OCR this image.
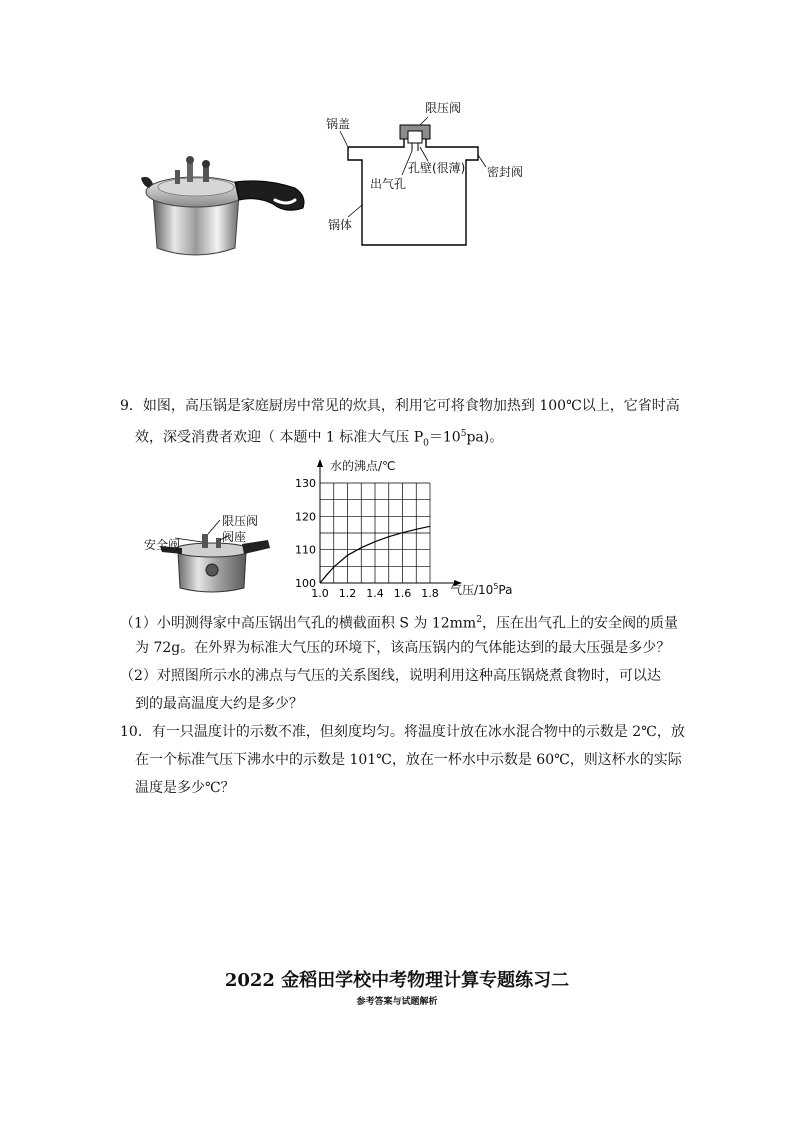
限压阀
锅盖
孔壁(很薄) 密封阀
出气孔
锅体
9．如图，高压锅是家庭厨房中常见的炊具，利用它可将食物加热到 100℃以上，它省时高
效，深受消费者欢迎（ 本题中 1 标准大气压 $P_0=10^5pa$)。
安全阀
限压阀
阀座
1.0 1.2 1.4 1.6 1.8
100
110
120
130
水的沸点/℃
气压$/10^5Pa$
（1）小明测得家中高压锅出气孔的横截面积 S 为 $12mm^2$，压在出气孔上的安全阀的质量
为 72g。在外界为标准大气压的环境下，该高压锅内的气体能达到的最大压强是多少？
（2）对照图所示水的沸点与气压的关系图线，说明利用这种高压锅烧煮食物时，可以达
到的最高温度大约是多少？
10．有一只温度计的示数不准，但刻度均匀。将温度计放在冰水混合物中的示数是 2℃，放
在一个标准气压下沸水中的示数是 101℃，放在一杯水中示数是 60℃，则这杯水的实际
温度是多少℃？
2022 金稻田学校中考物理计算专题练习二
参考答案与试题解析
